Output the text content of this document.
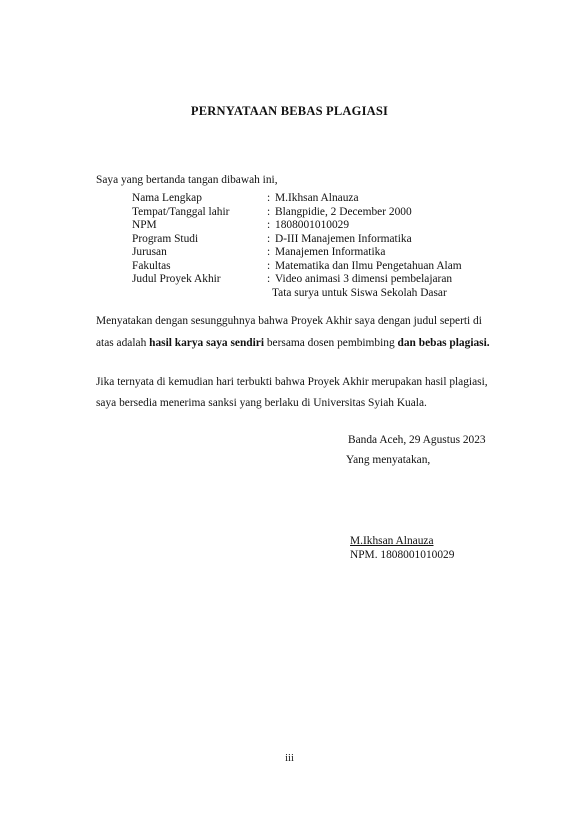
PERNYATAAN BEBAS PLAGIASI
Saya yang bertanda tangan dibawah ini,
Nama Lengkap	: M.Ikhsan Alnauza
Tempat/Tanggal lahir	: Blangpidie, 2 December 2000
NPM	: 1808001010029
Program Studi	: D-III Manajemen Informatika
Jurusan	: Manajemen Informatika
Fakultas	: Matematika dan Ilmu Pengetahuan Alam
Judul Proyek Akhir	: Video animasi 3 dimensi pembelajaran
Tata surya untuk Siswa Sekolah Dasar
Menyatakan dengan sesungguhnya bahwa Proyek Akhir saya dengan judul seperti di
atas adalah hasil karya saya sendiri bersama dosen pembimbing dan bebas plagiasi.
Jika ternyata di kemudian hari terbukti bahwa Proyek Akhir merupakan hasil plagiasi,
saya bersedia menerima sanksi yang berlaku di Universitas Syiah Kuala.
Banda Aceh, 29 Agustus 2023
Yang menyatakan,
M.Ikhsan Alnauza
NPM. 1808001010029
iii
